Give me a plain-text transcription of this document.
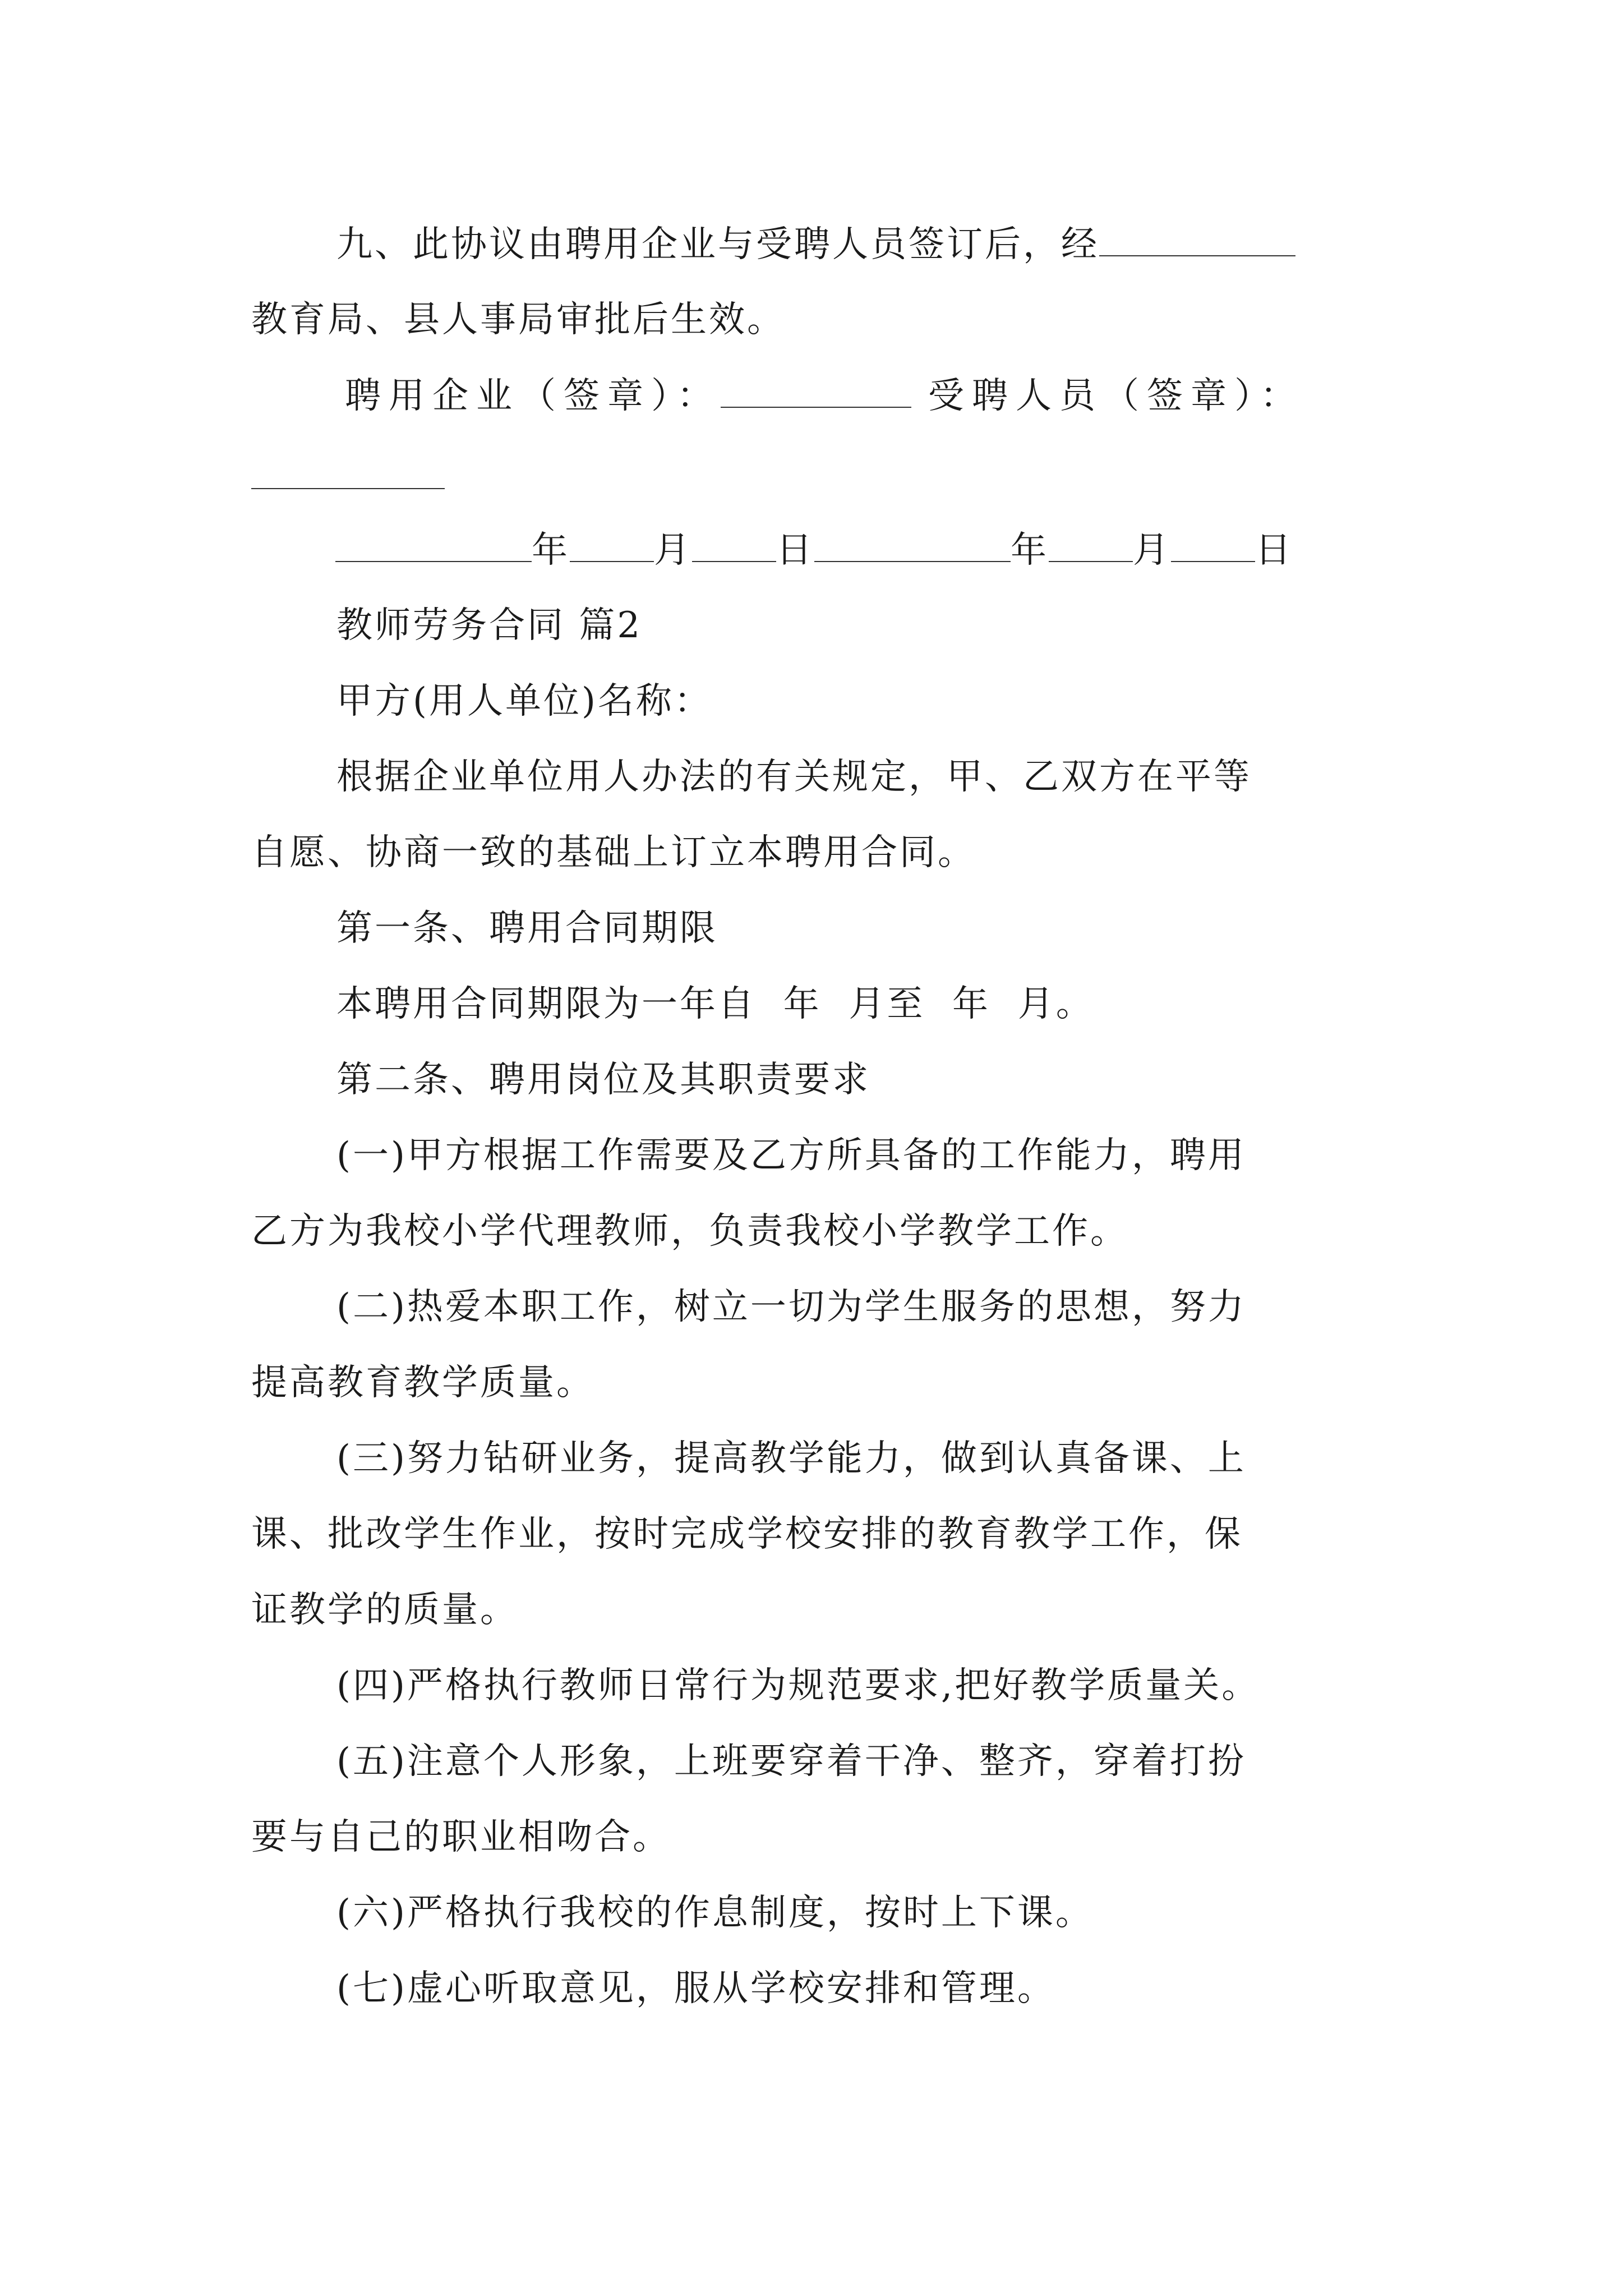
九、此协议由聘用企业与受聘人员签订后，经
教育局、县人事局审批后生效。
聘用企业（签章）：	受聘人员（签章）：
年 月 日	年 月 日
教师劳务合同 篇2
甲方(用人单位)名称：
根据企业单位用人办法的有关规定，甲、乙双方在平等
自愿、协商一致的基础上订立本聘用合同。
第一条、聘用合同期限
本聘用合同期限为一年自  年  月至  年  月。
第二条、聘用岗位及其职责要求
(一)甲方根据工作需要及乙方所具备的工作能力，聘用
乙方为我校小学代理教师，负责我校小学教学工作。
(二)热爱本职工作，树立一切为学生服务的思想，努力
提高教育教学质量。
(三)努力钻研业务，提高教学能力，做到认真备课、上
课、批改学生作业，按时完成学校安排的教育教学工作，保
证教学的质量。
(四)严格执行教师日常行为规范要求,把好教学质量关。
(五)注意个人形象，上班要穿着干净、整齐，穿着打扮
要与自己的职业相吻合。
(六)严格执行我校的作息制度，按时上下课。
(七)虚心听取意见，服从学校安排和管理。
